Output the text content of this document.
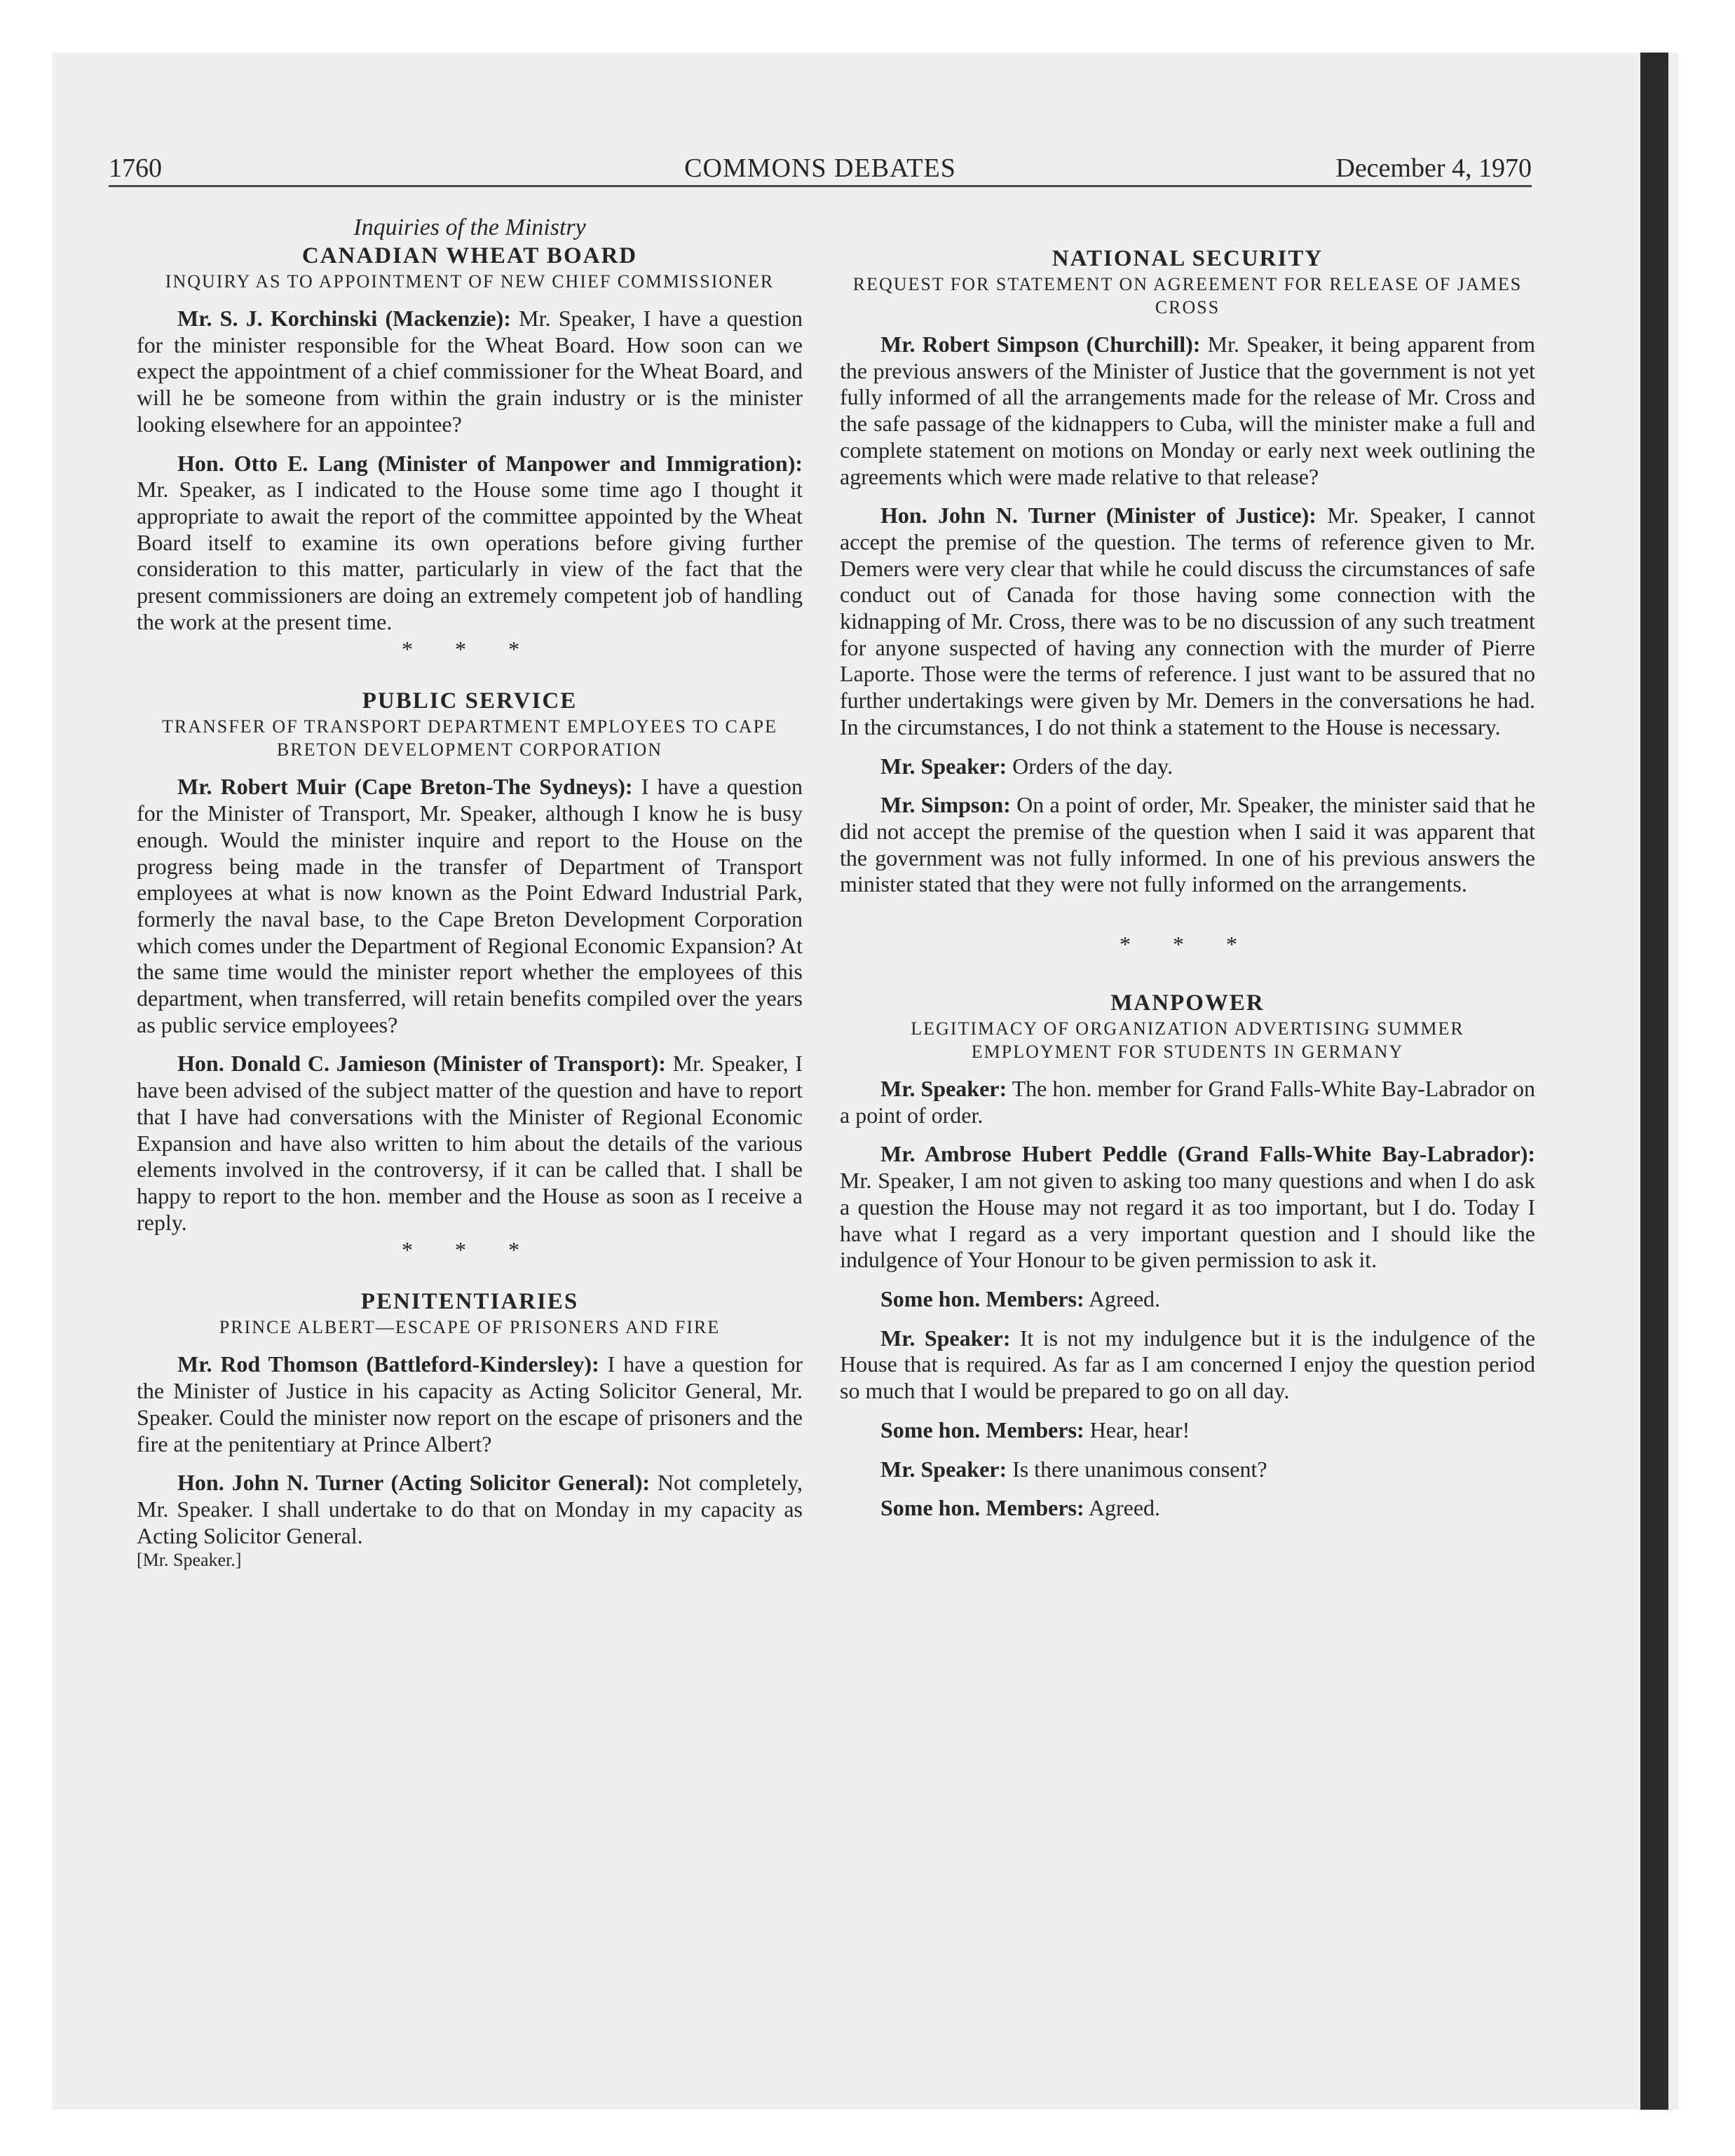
1760	COMMONS DEBATES	December 4, 1970

Inquiries of the Ministry

CANADIAN WHEAT BOARD

INQUIRY AS TO APPOINTMENT OF NEW CHIEF COMMISSIONER

Mr. S. J. Korchinski (Mackenzie): Mr. Speaker, I have a question for the minister responsible for the Wheat Board. How soon can we expect the appointment of a chief commissioner for the Wheat Board, and will he be someone from within the grain industry or is the minister looking elsewhere for an appointee?

Hon. Otto E. Lang (Minister of Manpower and Immigration): Mr. Speaker, as I indicated to the House some time ago I thought it appropriate to await the report of the committee appointed by the Wheat Board itself to examine its own operations before giving further consideration to this matter, particularly in view of the fact that the present commissioners are doing an extremely competent job of handling the work at the present time.

* * *

PUBLIC SERVICE

TRANSFER OF TRANSPORT DEPARTMENT EMPLOYEES TO CAPE BRETON DEVELOPMENT CORPORATION

Mr. Robert Muir (Cape Breton-The Sydneys): I have a question for the Minister of Transport, Mr. Speaker, although I know he is busy enough. Would the minister inquire and report to the House on the progress being made in the transfer of Department of Transport employees at what is now known as the Point Edward Industrial Park, formerly the naval base, to the Cape Breton Development Corporation which comes under the Department of Regional Economic Expansion? At the same time would the minister report whether the employees of this department, when transferred, will retain benefits compiled over the years as public service employees?

Hon. Donald C. Jamieson (Minister of Transport): Mr. Speaker, I have been advised of the subject matter of the question and have to report that I have had conversations with the Minister of Regional Economic Expansion and have also written to him about the details of the various elements involved in the controversy, if it can be called that. I shall be happy to report to the hon. member and the House as soon as I receive a reply.

* * *

PENITENTIARIES

PRINCE ALBERT—ESCAPE OF PRISONERS AND FIRE

Mr. Rod Thomson (Battleford-Kindersley): I have a question for the Minister of Justice in his capacity as Acting Solicitor General, Mr. Speaker. Could the minister now report on the escape of prisoners and the fire at the penitentiary at Prince Albert?

Hon. John N. Turner (Acting Solicitor General): Not completely, Mr. Speaker. I shall undertake to do that on Monday in my capacity as Acting Solicitor General.

[Mr. Speaker.]

NATIONAL SECURITY

REQUEST FOR STATEMENT ON AGREEMENT FOR RELEASE OF JAMES CROSS

Mr. Robert Simpson (Churchill): Mr. Speaker, it being apparent from the previous answers of the Minister of Justice that the government is not yet fully informed of all the arrangements made for the release of Mr. Cross and the safe passage of the kidnappers to Cuba, will the minister make a full and complete statement on motions on Monday or early next week outlining the agreements which were made relative to that release?

Hon. John N. Turner (Minister of Justice): Mr. Speaker, I cannot accept the premise of the question. The terms of reference given to Mr. Demers were very clear that while he could discuss the circumstances of safe conduct out of Canada for those having some connection with the kidnapping of Mr. Cross, there was to be no discussion of any such treatment for anyone suspected of having any connection with the murder of Pierre Laporte. Those were the terms of reference. I just want to be assured that no further undertakings were given by Mr. Demers in the conversations he had. In the circumstances, I do not think a statement to the House is necessary.

Mr. Speaker: Orders of the day.

Mr. Simpson: On a point of order, Mr. Speaker, the minister said that he did not accept the premise of the question when I said it was apparent that the government was not fully informed. In one of his previous answers the minister stated that they were not fully informed on the arrangements.

* * *

MANPOWER

LEGITIMACY OF ORGANIZATION ADVERTISING SUMMER EMPLOYMENT FOR STUDENTS IN GERMANY

Mr. Speaker: The hon. member for Grand Falls-White Bay-Labrador on a point of order.

Mr. Ambrose Hubert Peddle (Grand Falls-White Bay-Labrador): Mr. Speaker, I am not given to asking too many questions and when I do ask a question the House may not regard it as too important, but I do. Today I have what I regard as a very important question and I should like the indulgence of Your Honour to be given permission to ask it.

Some hon. Members: Agreed.

Mr. Speaker: It is not my indulgence but it is the indulgence of the House that is required. As far as I am concerned I enjoy the question period so much that I would be prepared to go on all day.

Some hon. Members: Hear, hear!

Mr. Speaker: Is there unanimous consent?

Some hon. Members: Agreed.
